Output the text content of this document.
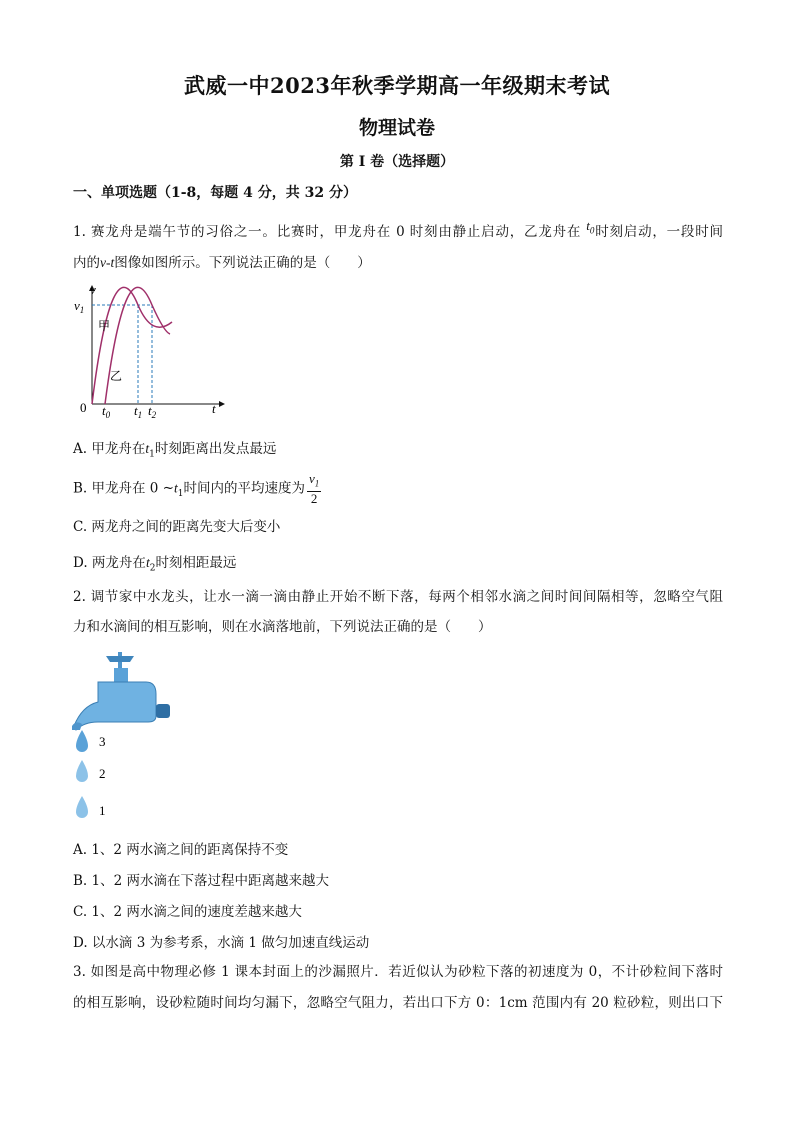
武威一中2023年秋季学期高一年级期末考试
物理试卷
第 I 卷（选择题）
一、单项选题（1-8，每题 4 分，共 32 分）
1. 赛龙舟是端午节的习俗之一。比赛时，甲龙舟在 0 时刻由静止启动，乙龙舟在 $t_0$时刻启动，一段时间
内的v-t图像如图所示。下列说法正确的是（　　）
v
$v_1$
甲
乙
0 $t_0$ $t_1$ $t_2$	t
A. 甲龙舟在$t_1$时刻距离出发点最远
B. 甲龙舟在 0 $\sim t_1$时间内的平均速度为 $\frac{v_1}{2}$
C. 两龙舟之间的距离先变大后变小
D. 两龙舟在$t_2$时刻相距最远
2. 调节家中水龙头，让水一滴一滴由静止开始不断下落，每两个相邻水滴之间时间间隔相等，忽略空气阻
力和水滴间的相互影响，则在水滴落地前，下列说法正确的是（　　）
3
2
1
A. 1、2 两水滴之间的距离保持不变
B. 1、2 两水滴在下落过程中距离越来越大
C. 1、2 两水滴之间的速度差越来越大
D. 以水滴 3 为参考系，水滴 1 做匀加速直线运动
3. 如图是高中物理必修 1 课本封面上的沙漏照片．若近似认为砂粒下落的初速度为 0，不计砂粒间下落时
的相互影响，设砂粒随时间均匀漏下，忽略空气阻力，若出口下方 0：1cm 范围内有 20 粒砂粒，则出口下
